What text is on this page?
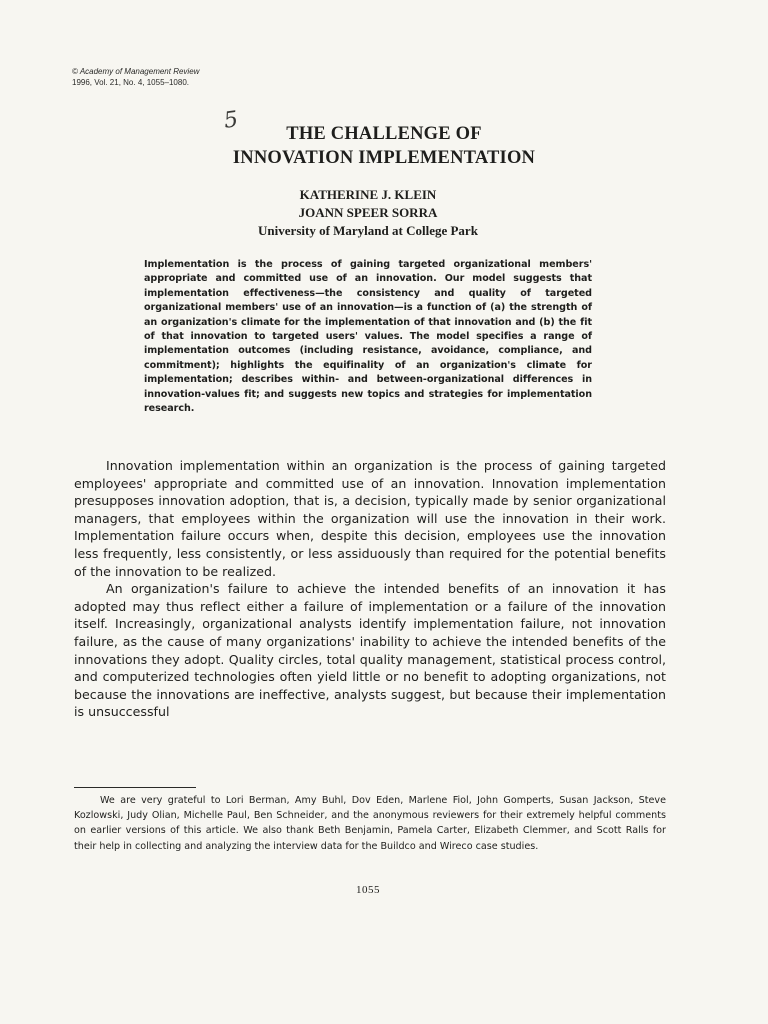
© Academy of Management Review
1996, Vol. 21, No. 4, 1055–1080.
5
THE CHALLENGE OF
INNOVATION IMPLEMENTATION
KATHERINE J. KLEIN
JOANN SPEER SORRA
University of Maryland at College Park
Implementation is the process of gaining targeted organizational members' appropriate and committed use of an innovation. Our model suggests that implementation effectiveness—the consistency and quality of targeted organizational members' use of an innovation—is a function of (a) the strength of an organization's climate for the implementation of that innovation and (b) the fit of that innovation to targeted users' values. The model specifies a range of implementation outcomes (including resistance, avoidance, compliance, and commitment); highlights the equifinality of an organization's climate for implementation; describes within- and between-organizational differences in innovation-values fit; and suggests new topics and strategies for implementation research.

Innovation implementation within an organization is the process of gaining targeted employees' appropriate and committed use of an innovation. Innovation implementation presupposes innovation adoption, that is, a decision, typically made by senior organizational managers, that employees within the organization will use the innovation in their work. Implementation failure occurs when, despite this decision, employees use the innovation less frequently, less consistently, or less assiduously than required for the potential benefits of the innovation to be realized.

An organization's failure to achieve the intended benefits of an innovation it has adopted may thus reflect either a failure of implementation or a failure of the innovation itself. Increasingly, organizational analysts identify implementation failure, not innovation failure, as the cause of many organizations' inability to achieve the intended benefits of the innovations they adopt. Quality circles, total quality management, statistical process control, and computerized technologies often yield little or no benefit to adopting organizations, not because the innovations are ineffective, analysts suggest, but because their implementation is unsuccessful

We are very grateful to Lori Berman, Amy Buhl, Dov Eden, Marlene Fiol, John Gomperts, Susan Jackson, Steve Kozlowski, Judy Olian, Michelle Paul, Ben Schneider, and the anonymous reviewers for their extremely helpful comments on earlier versions of this article. We also thank Beth Benjamin, Pamela Carter, Elizabeth Clemmer, and Scott Ralls for their help in collecting and analyzing the interview data for the Buildco and Wireco case studies.

1055
